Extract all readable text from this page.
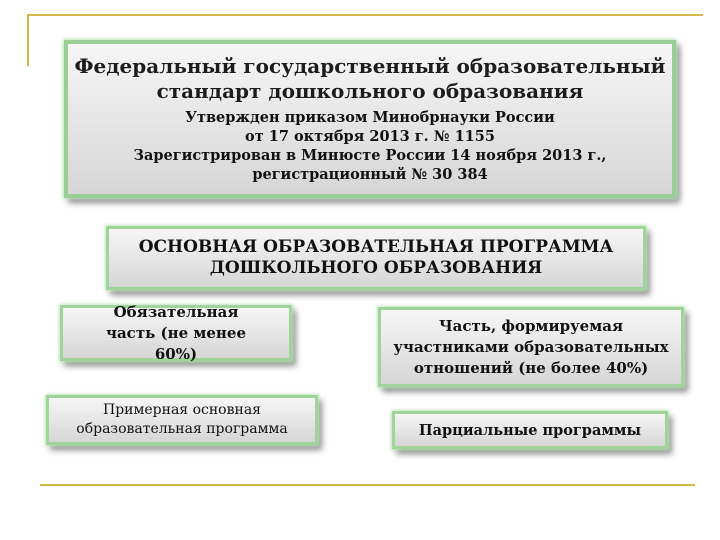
Федеральный государственный образовательный стандарт дошкольного образования
Утвержден приказом Минобрнауки России
от 17 октября 2013 г. № 1155
Зарегистрирован в Минюсте России 14 ноября 2013 г., регистрационный № 30 384
ОСНОВНАЯ ОБРАЗОВАТЕЛЬНАЯ ПРОГРАММА ДОШКОЛЬНОГО ОБРАЗОВАНИЯ
Обязательная часть (не менее 60%)
Часть, формируемая участниками образовательных отношений (не более 40%)
Примерная основная образовательная программа	Парциальные программы
